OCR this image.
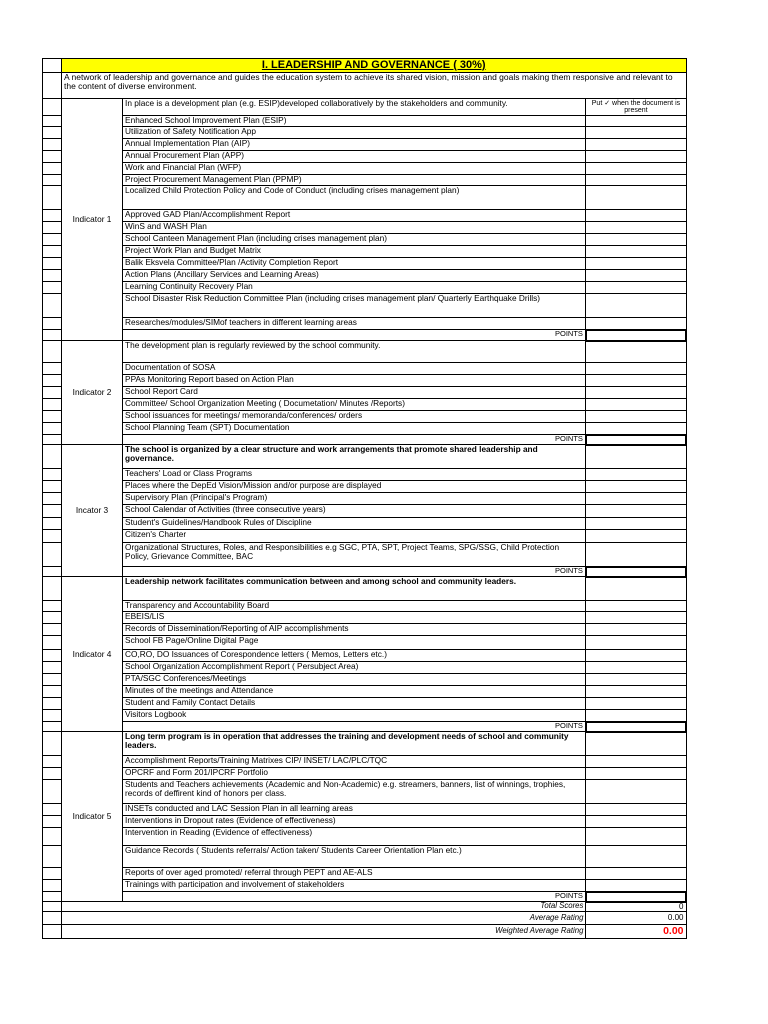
	I. LEADERSHIP AND GOVERNANCE ( 30%)		
	A network of leadership and governance and guides the education system to achieve its shared vision, mission and goals making them responsive and relevant to the content of diverse environment.		
	Indicator 1	In place is a development plan (e.g. ESIP)developed collaboratively by the stakeholders and community.	Put ✓ when the document is present
		Enhanced School Improvement Plan (ESIP)	
		Utilization of Safety Notification App	
		Annual Implementation Plan (AIP)	
		Annual Procurement Plan (APP)	
		Work and Financial Plan (WFP)	
		Project Procurement Management Plan (PPMP)	
		Localized Child Protection Policy and Code of Conduct (including crises management plan)	
		Approved GAD Plan/Accomplishment Report	
		WinS and WASH Plan	
		School Canteen Management Plan (including crises management plan)	
		Project Work Plan and Budget Matrix	
		Balik Eksvela Committee/Plan /Activity Completion Report	
		Action Plans (Ancillary Services and Learning Areas)	
		Learning Continuity Recovery Plan	
		School Disaster Risk Reduction Committee Plan (including crises management plan/ Quarterly Earthquake Drills)	
		Researches/modules/SIMof teachers in different learning areas	
		POINTS	
	Indicator 2	The development plan is regularly reviewed by the school community.	
		Documentation of SOSA	
		PPAs Monitoring Report based on Action Plan	
		School Report Card	
		Committee/ School Organization Meeting ( Documetation/ Minutes /Reports)	
		School issuances for meetings/ memoranda/conferences/ orders	
		School Planning Team (SPT) Documentation	
		POINTS	
	Incator 3	The school is organized by a clear structure and work arrangements that promote shared leadership and governance.	
		Teachers' Load or Class Programs	
		Places where the DepEd Vision/Mission and/or purpose are displayed	
		Supervisory Plan (Principal's Program)	
		School Calendar of Activities (three consecutive years)	
		Student's Guidelines/Handbook Rules of Discipline	
		Citizen's Charter	
		Organizational Structures, Roles, and Responsibilities e.g SGC, PTA, SPT, Project Teams, SPG/SSG, Child Protection Policy, Grievance Committee, BAC	
		POINTS	
	Indicator 4	Leadership network facilitates communication between and among school and community leaders.	
		Transparency and Accountability Board	
		EBEIS/LIS	
		Records of Dissemination/Reporting of AIP accomplishments	
		School FB Page/Online Digital Page	
		CO,RO, DO Issuances of Corespondence letters ( Memos, Letters etc.)	
		School Organization Accomplishment Report ( Persubject Area)	
		PTA/SGC Conferences/Meetings	
		Minutes of the meetings and Attendance	
		Student and Family Contact Details	
		Visitors Logbook	
		POINTS	
	Indicator 5	Long term program is in operation that addresses the training and development needs of school and community leaders.	
		Accomplishment Reports/Training Matrixes CIP/ INSET/ LAC/PLC/TQC	
		OPCRF and Form 201/IPCRF Portfolio	
		Students and Teachers achievements (Academic and Non-Academic) e.g. streamers, banners, list of winnings, trophies, records of deffirent kind of honors per class.	
		INSETs conducted and LAC Session Plan in all learning areas	
		Interventions in Dropout rates (Evidence of effectiveness)	
		Intervention in Reading (Evidence of effectiveness)	
		Guidance Records ( Students referrals/ Action taken/ Students Career Orientation Plan etc.)	
		Reports of over aged promoted/ referral through PEPT and AE-ALS	
		Trainings with participation and involvement of stakeholders	
		POINTS	
	Total Scores		0
	Average Rating		0.00
	Weighted Average Rating		0.00
